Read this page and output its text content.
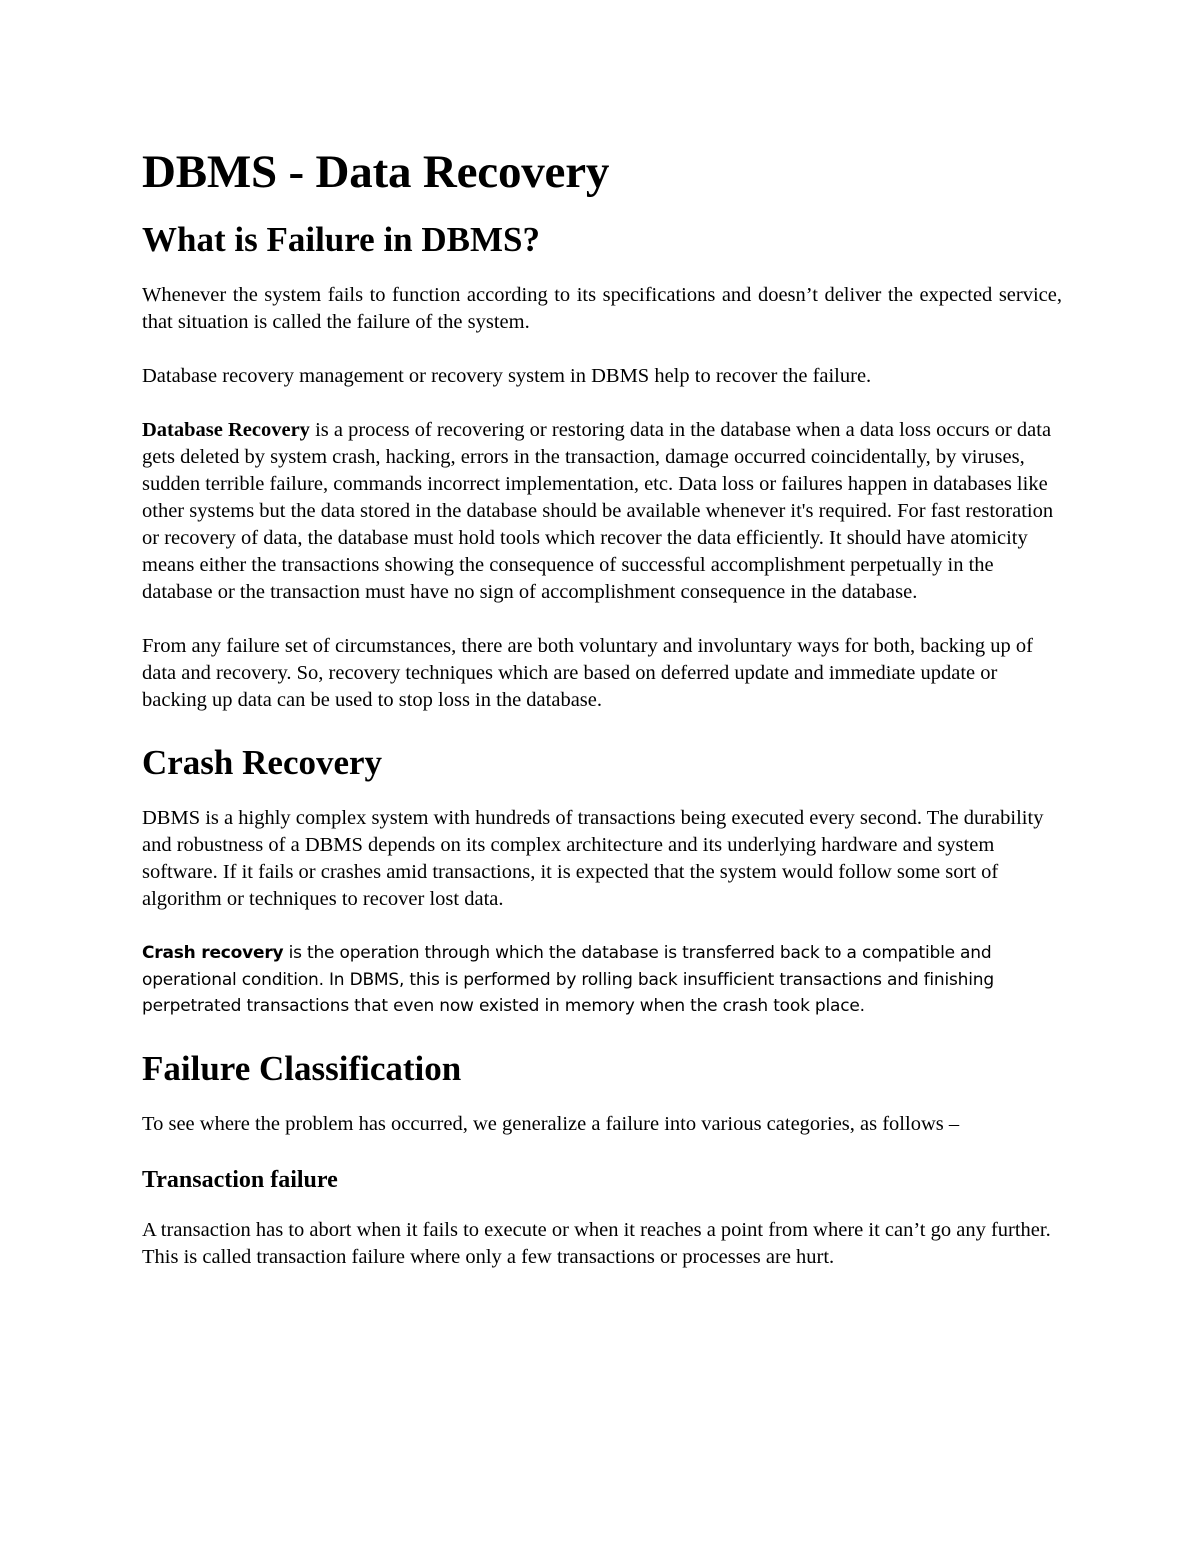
DBMS - Data Recovery
What is Failure in DBMS?

Whenever the system fails to function according to its specifications and doesn’t deliver the expected service, that situation is called the failure of the system.

Database recovery management or recovery system in DBMS help to recover the failure.

Database Recovery is a process of recovering or restoring data in the database when a data loss occurs or data gets deleted by system crash, hacking, errors in the transaction, damage occurred coincidentally, by viruses, sudden terrible failure, commands incorrect implementation, etc. Data loss or failures happen in databases like other systems but the data stored in the database should be available whenever it's required. For fast restoration or recovery of data, the database must hold tools which recover the data efficiently. It should have atomicity means either the transactions showing the consequence of successful accomplishment perpetually in the database or the transaction must have no sign of accomplishment consequence in the database.

From any failure set of circumstances, there are both voluntary and involuntary ways for both, backing up of data and recovery. So, recovery techniques which are based on deferred update and immediate update or backing up data can be used to stop loss in the database.

Crash Recovery

DBMS is a highly complex system with hundreds of transactions being executed every second. The durability and robustness of a DBMS depends on its complex architecture and its underlying hardware and system software. If it fails or crashes amid transactions, it is expected that the system would follow some sort of algorithm or techniques to recover lost data.

Crash recovery is the operation through which the database is transferred back to a compatible and operational condition. In DBMS, this is performed by rolling back insufficient transactions and finishing perpetrated transactions that even now existed in memory when the crash took place.

Failure Classification

To see where the problem has occurred, we generalize a failure into various categories, as follows –

Transaction failure

A transaction has to abort when it fails to execute or when it reaches a point from where it can’t go any further. This is called transaction failure where only a few transactions or processes are hurt.
